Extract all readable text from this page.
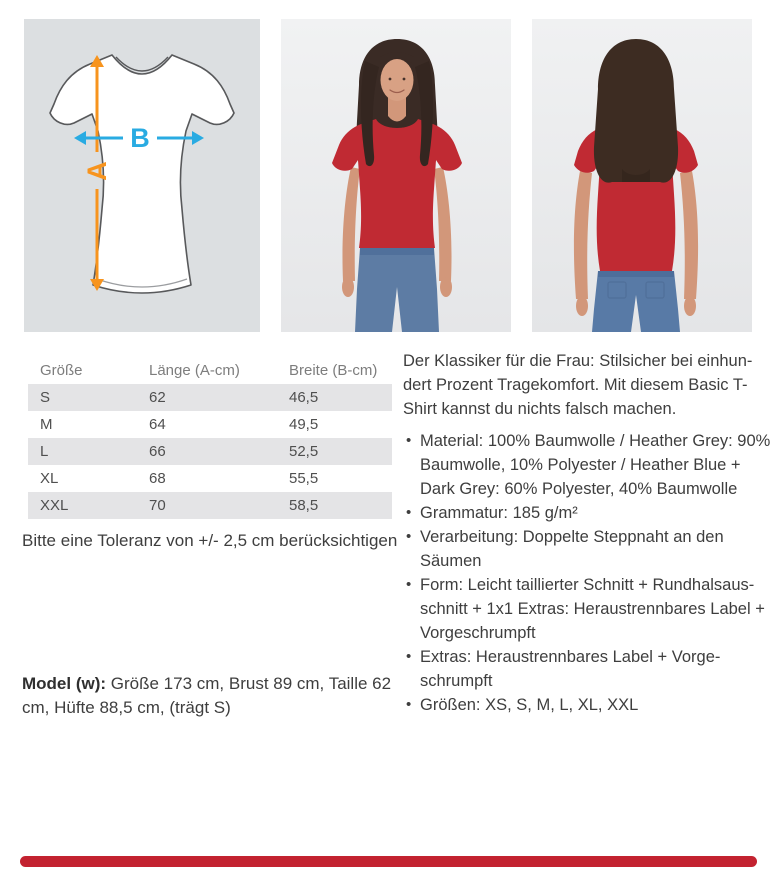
A
B
Größe	Länge (A-cm)	Breite (B-cm)
S	62	46,5
M	64	49,5
L	66	52,5
XL	68	55,5
XXL	70	58,5

Bitte eine Toleranz von +/- 2,5 cm berücksichtigen

Model (w): Größe 173 cm, Brust 89 cm, Taille 62 cm, Hüfte 88,5 cm, (trägt S)

Der Klassiker für die Frau: Stilsicher bei einhundert Prozent Tragekomfort. Mit diesem Basic T-Shirt kannst du nichts falsch machen.

• Material: 100% Baumwolle / Heather Grey: 90% Baumwolle, 10% Polyester / Heather Blue + Dark Grey: 60% Polyester, 40% Baumwolle
• Grammatur: 185 g/m²
• Verarbeitung: Doppelte Steppnaht an den Säumen
• Form: Leicht taillierter Schnitt + Rundhalsausschnitt + 1x1 Extras: Heraustrennbares Label + Vorgeschrumpft
• Extras: Heraustrennbares Label + Vorgeschrumpft
• Größen: XS, S, M, L, XL, XXL
